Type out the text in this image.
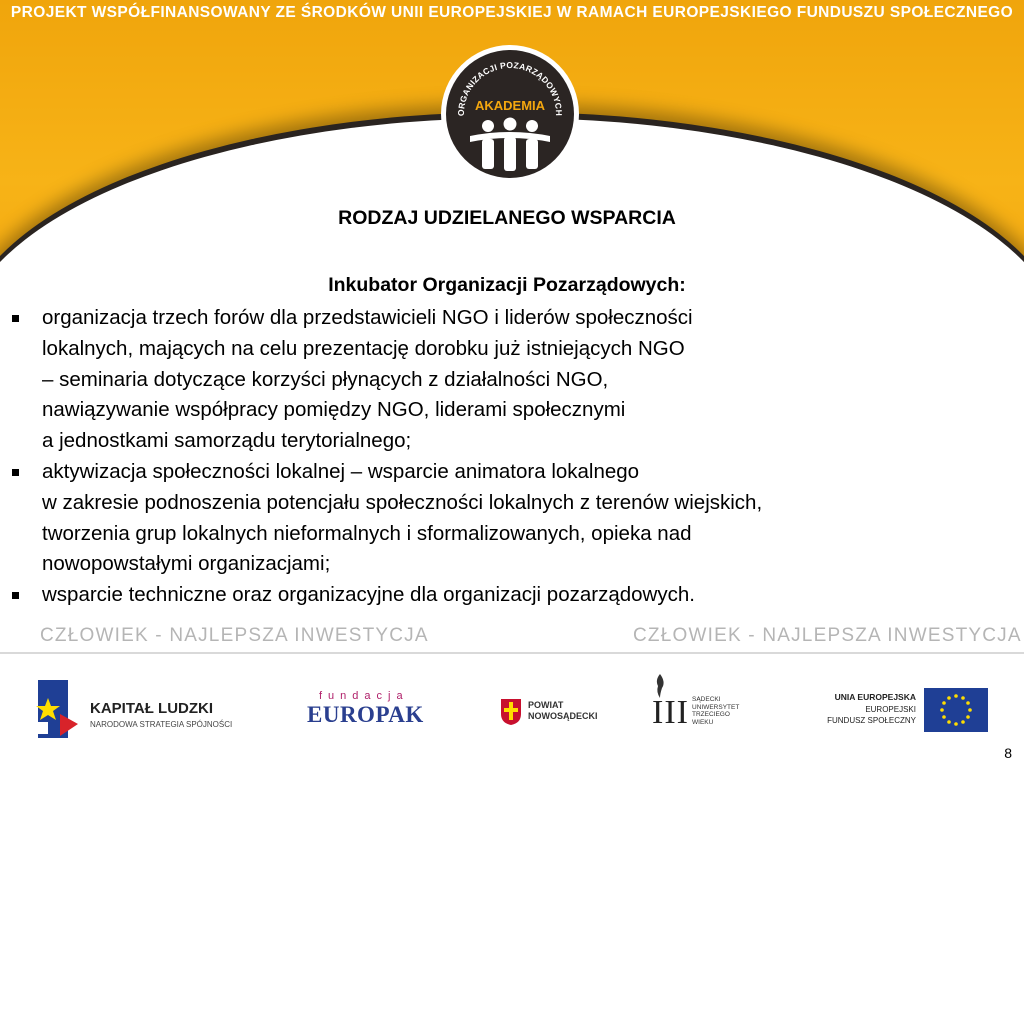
PROJEKT WSPÓŁFINANSOWANY ZE ŚRODKÓW UNII EUROPEJSKIEJ W RAMACH EUROPEJSKIEGO FUNDUSZU SPOŁECZNEGO
ORGANIZACJI POZARZĄDOWYCH
AKADEMIA
RODZAJ UDZIELANEGO WSPARCIA
Inkubator Organizacji Pozarządowych:
organizacja trzech forów dla przedstawicieli NGO i liderów społeczności
lokalnych, mających na celu prezentację dorobku już istniejących NGO
– seminaria dotyczące korzyści płynących z działalności NGO,
nawiązywanie współpracy pomiędzy NGO, liderami społecznymi
a jednostkami samorządu terytorialnego;
aktywizacja społeczności lokalnej – wsparcie animatora lokalnego
w zakresie podnoszenia potencjału społeczności lokalnych z terenów wiejskich,
tworzenia grup lokalnych nieformalnych i sformalizowanych, opieka nad
nowopowstałymi organizacjami;
wsparcie techniczne oraz organizacyjne dla organizacji pozarządowych.
CZŁOWIEK - NAJLEPSZA INWESTYCJA	CZŁOWIEK - NAJLEPSZA INWESTYCJA
KAPITAŁ LUDZKI
NARODOWA STRATEGIA SPÓJNOŚCI
fundacja
EUROPAK	POWIAT
NOWOSĄDECKI III SĄDECKI
UNIWERSYTET
TRZECIEGO
WIEKU
UNIA EUROPEJSKA
EUROPEJSKI
FUNDUSZ SPOŁECZNY
8
